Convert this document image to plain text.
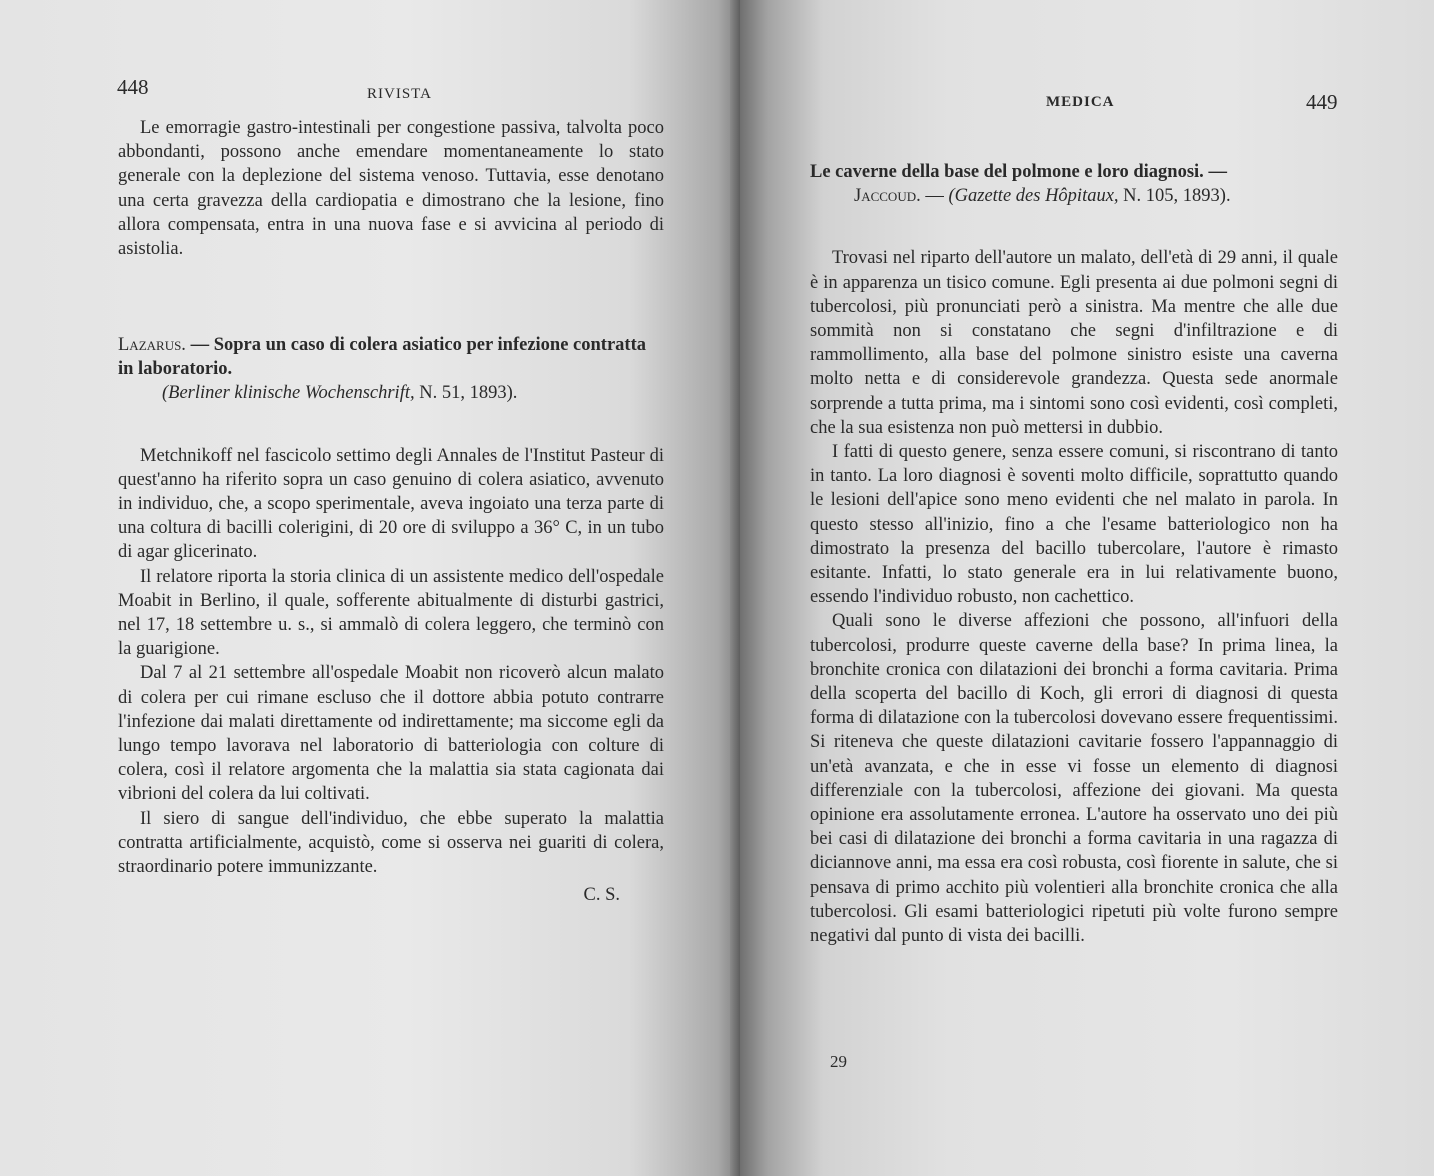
448	RIVISTA

Le emorragie gastro-intestinali per congestione passiva, talvolta poco abbondanti, possono anche emendare momentaneamente lo stato generale con la deplezione del sistema venoso. Tuttavia, esse denotano una certa gravezza della cardiopatia e dimostrano che la lesione, fino allora compensata, entra in una nuova fase e si avvicina al periodo di asistolia.

Lazarus. — Sopra un caso di colera asiatico per infezione contratta in laboratorio.
(Berliner klinische Wochenschrift, N. 51, 1893).

Metchnikoff nel fascicolo settimo degli Annales de l'Institut Pasteur di quest'anno ha riferito sopra un caso genuino di colera asiatico, avvenuto in individuo, che, a scopo sperimentale, aveva ingoiato una terza parte di una coltura di bacilli colerigini, di 20 ore di sviluppo a 36° C, in un tubo di agar glicerinato.

Il relatore riporta la storia clinica di un assistente medico dell'ospedale Moabit in Berlino, il quale, sofferente abitualmente di disturbi gastrici, nel 17, 18 settembre u. s., si ammalò di colera leggero, che terminò con la guarigione.

Dal 7 al 21 settembre all'ospedale Moabit non ricoverò alcun malato di colera per cui rimane escluso che il dottore abbia potuto contrarre l'infezione dai malati direttamente od indirettamente; ma siccome egli da lungo tempo lavorava nel laboratorio di batteriologia con colture di colera, così il relatore argomenta che la malattia sia stata cagionata dai vibrioni del colera da lui coltivati.

Il siero di sangue dell'individuo, che ebbe superato la malattia contratta artificialmente, acquistò, come si osserva nei guariti di colera, straordinario potere immunizzante.

C. S.
MEDICA	449
Le caverne della base del polmone e loro diagnosi. —
Jaccoud. — (Gazette des Hôpitaux, N. 105, 1893).

Trovasi nel riparto dell'autore un malato, dell'età di 29 anni, il quale è in apparenza un tisico comune. Egli presenta ai due polmoni segni di tubercolosi, più pronunciati però a sinistra. Ma mentre che alle due sommità non si constatano che segni d'infiltrazione e di rammollimento, alla base del polmone sinistro esiste una caverna molto netta e di considerevole grandezza. Questa sede anormale sorprende a tutta prima, ma i sintomi sono così evidenti, così completi, che la sua esistenza non può mettersi in dubbio.

I fatti di questo genere, senza essere comuni, si riscontrano di tanto in tanto. La loro diagnosi è soventi molto difficile, soprattutto quando le lesioni dell'apice sono meno evidenti che nel malato in parola. In questo stesso all'inizio, fino a che l'esame batteriologico non ha dimostrato la presenza del bacillo tubercolare, l'autore è rimasto esitante. Infatti, lo stato generale era in lui relativamente buono, essendo l'individuo robusto, non cachettico.

Quali sono le diverse affezioni che possono, all'infuori della tubercolosi, produrre queste caverne della base? In prima linea, la bronchite cronica con dilatazioni dei bronchi a forma cavitaria. Prima della scoperta del bacillo di Koch, gli errori di diagnosi di questa forma di dilatazione con la tubercolosi dovevano essere frequentissimi. Si riteneva che queste dilatazioni cavitarie fossero l'appannaggio di un'età avanzata, e che in esse vi fosse un elemento di diagnosi differenziale con la tubercolosi, affezione dei giovani. Ma questa opinione era assolutamente erronea. L'autore ha osservato uno dei più bei casi di dilatazione dei bronchi a forma cavitaria in una ragazza di diciannove anni, ma essa era così robusta, così fiorente in salute, che si pensava di primo acchito più volentieri alla bronchite cronica che alla tubercolosi. Gli esami batteriologici ripetuti più volte furono sempre negativi dal punto di vista dei bacilli.

29
